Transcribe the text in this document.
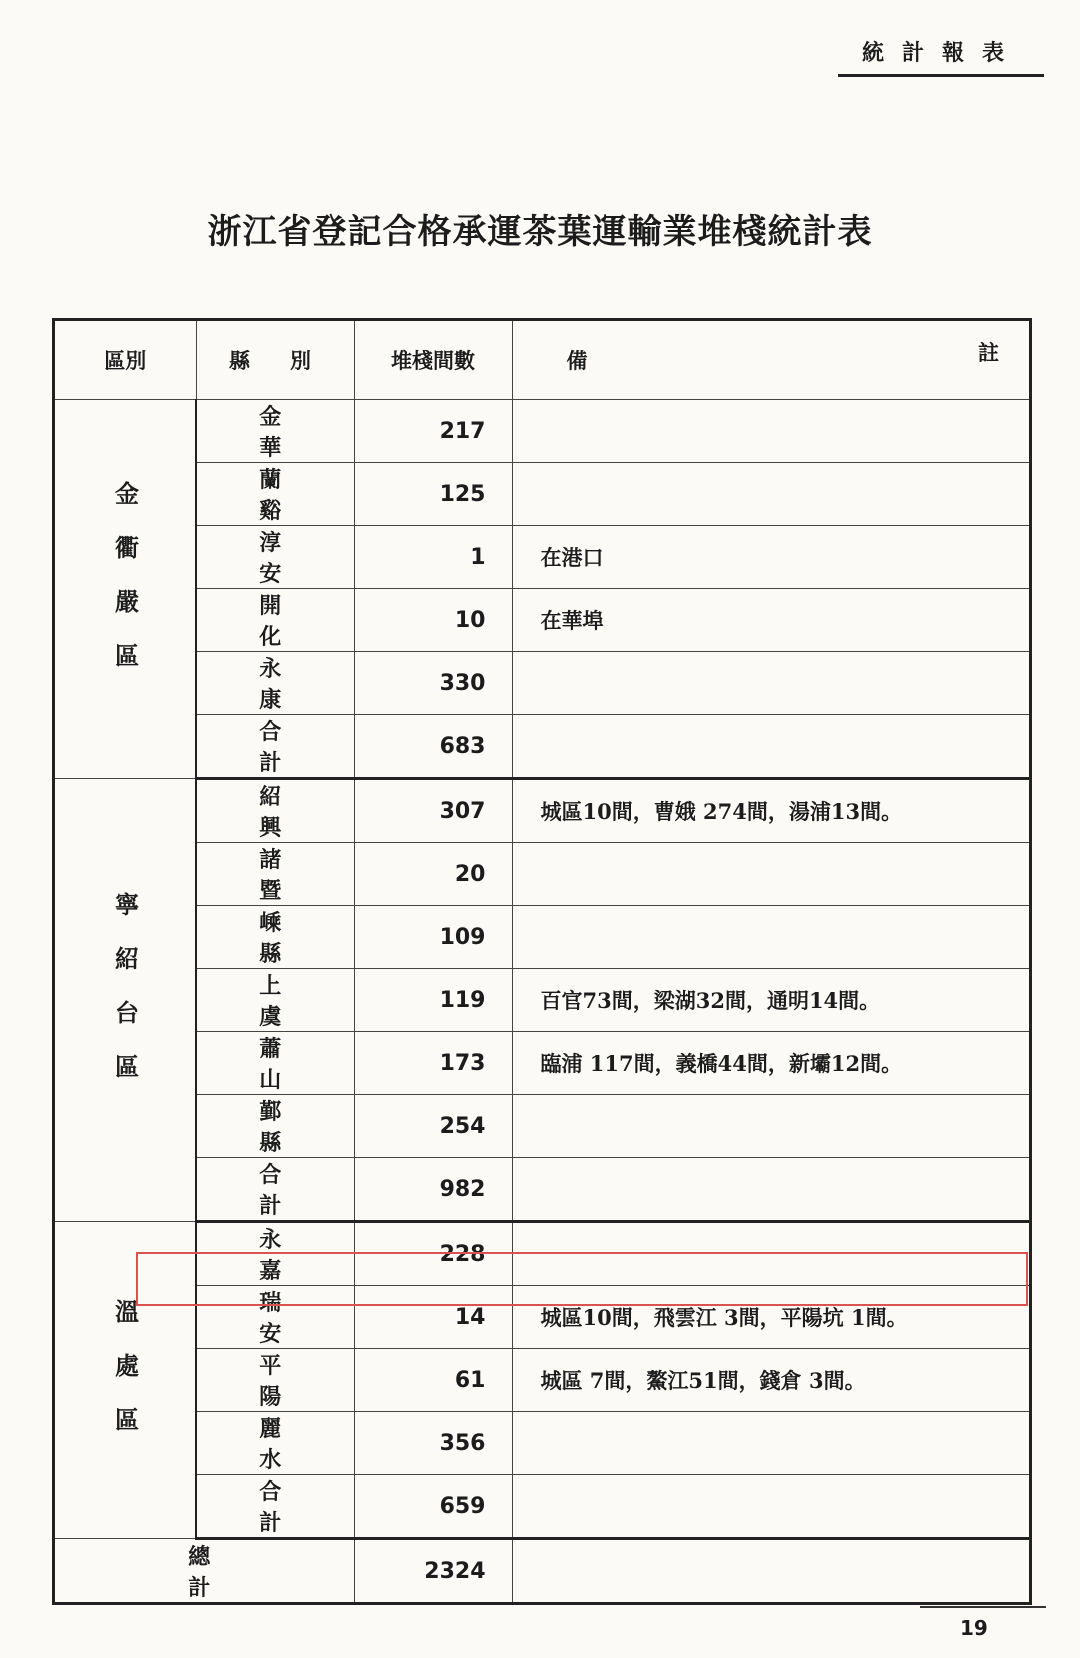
統計報表
浙江省登記合格承運茶葉運輸業堆棧統計表
區別	縣別	堆棧間數	備 註

金衢嚴區	金華	217	
	蘭谿	125	
	淳安	1	在港口
	開化	10	在華埠
	永康	330	
	合計	683	

寧紹台區	紹興	307	城區10間，曹娥 274間，湯浦13間。
	諸暨	20	
	嵊縣	109	
	上虞	119	百官73間，梁湖32間，通明14間。
	蕭山	173	臨浦 117間，義橋44間，新壩12間。
	鄞縣	254	
	合計	982	

溫處區	永嘉	228	
	瑞安	14	城區10間，飛雲江 3間，平陽坑 1間。
	平陽	61	城區 7間，鰲江51間，錢倉 3間。
	麗水	356	
	合計	659	
總計		2324	
19
